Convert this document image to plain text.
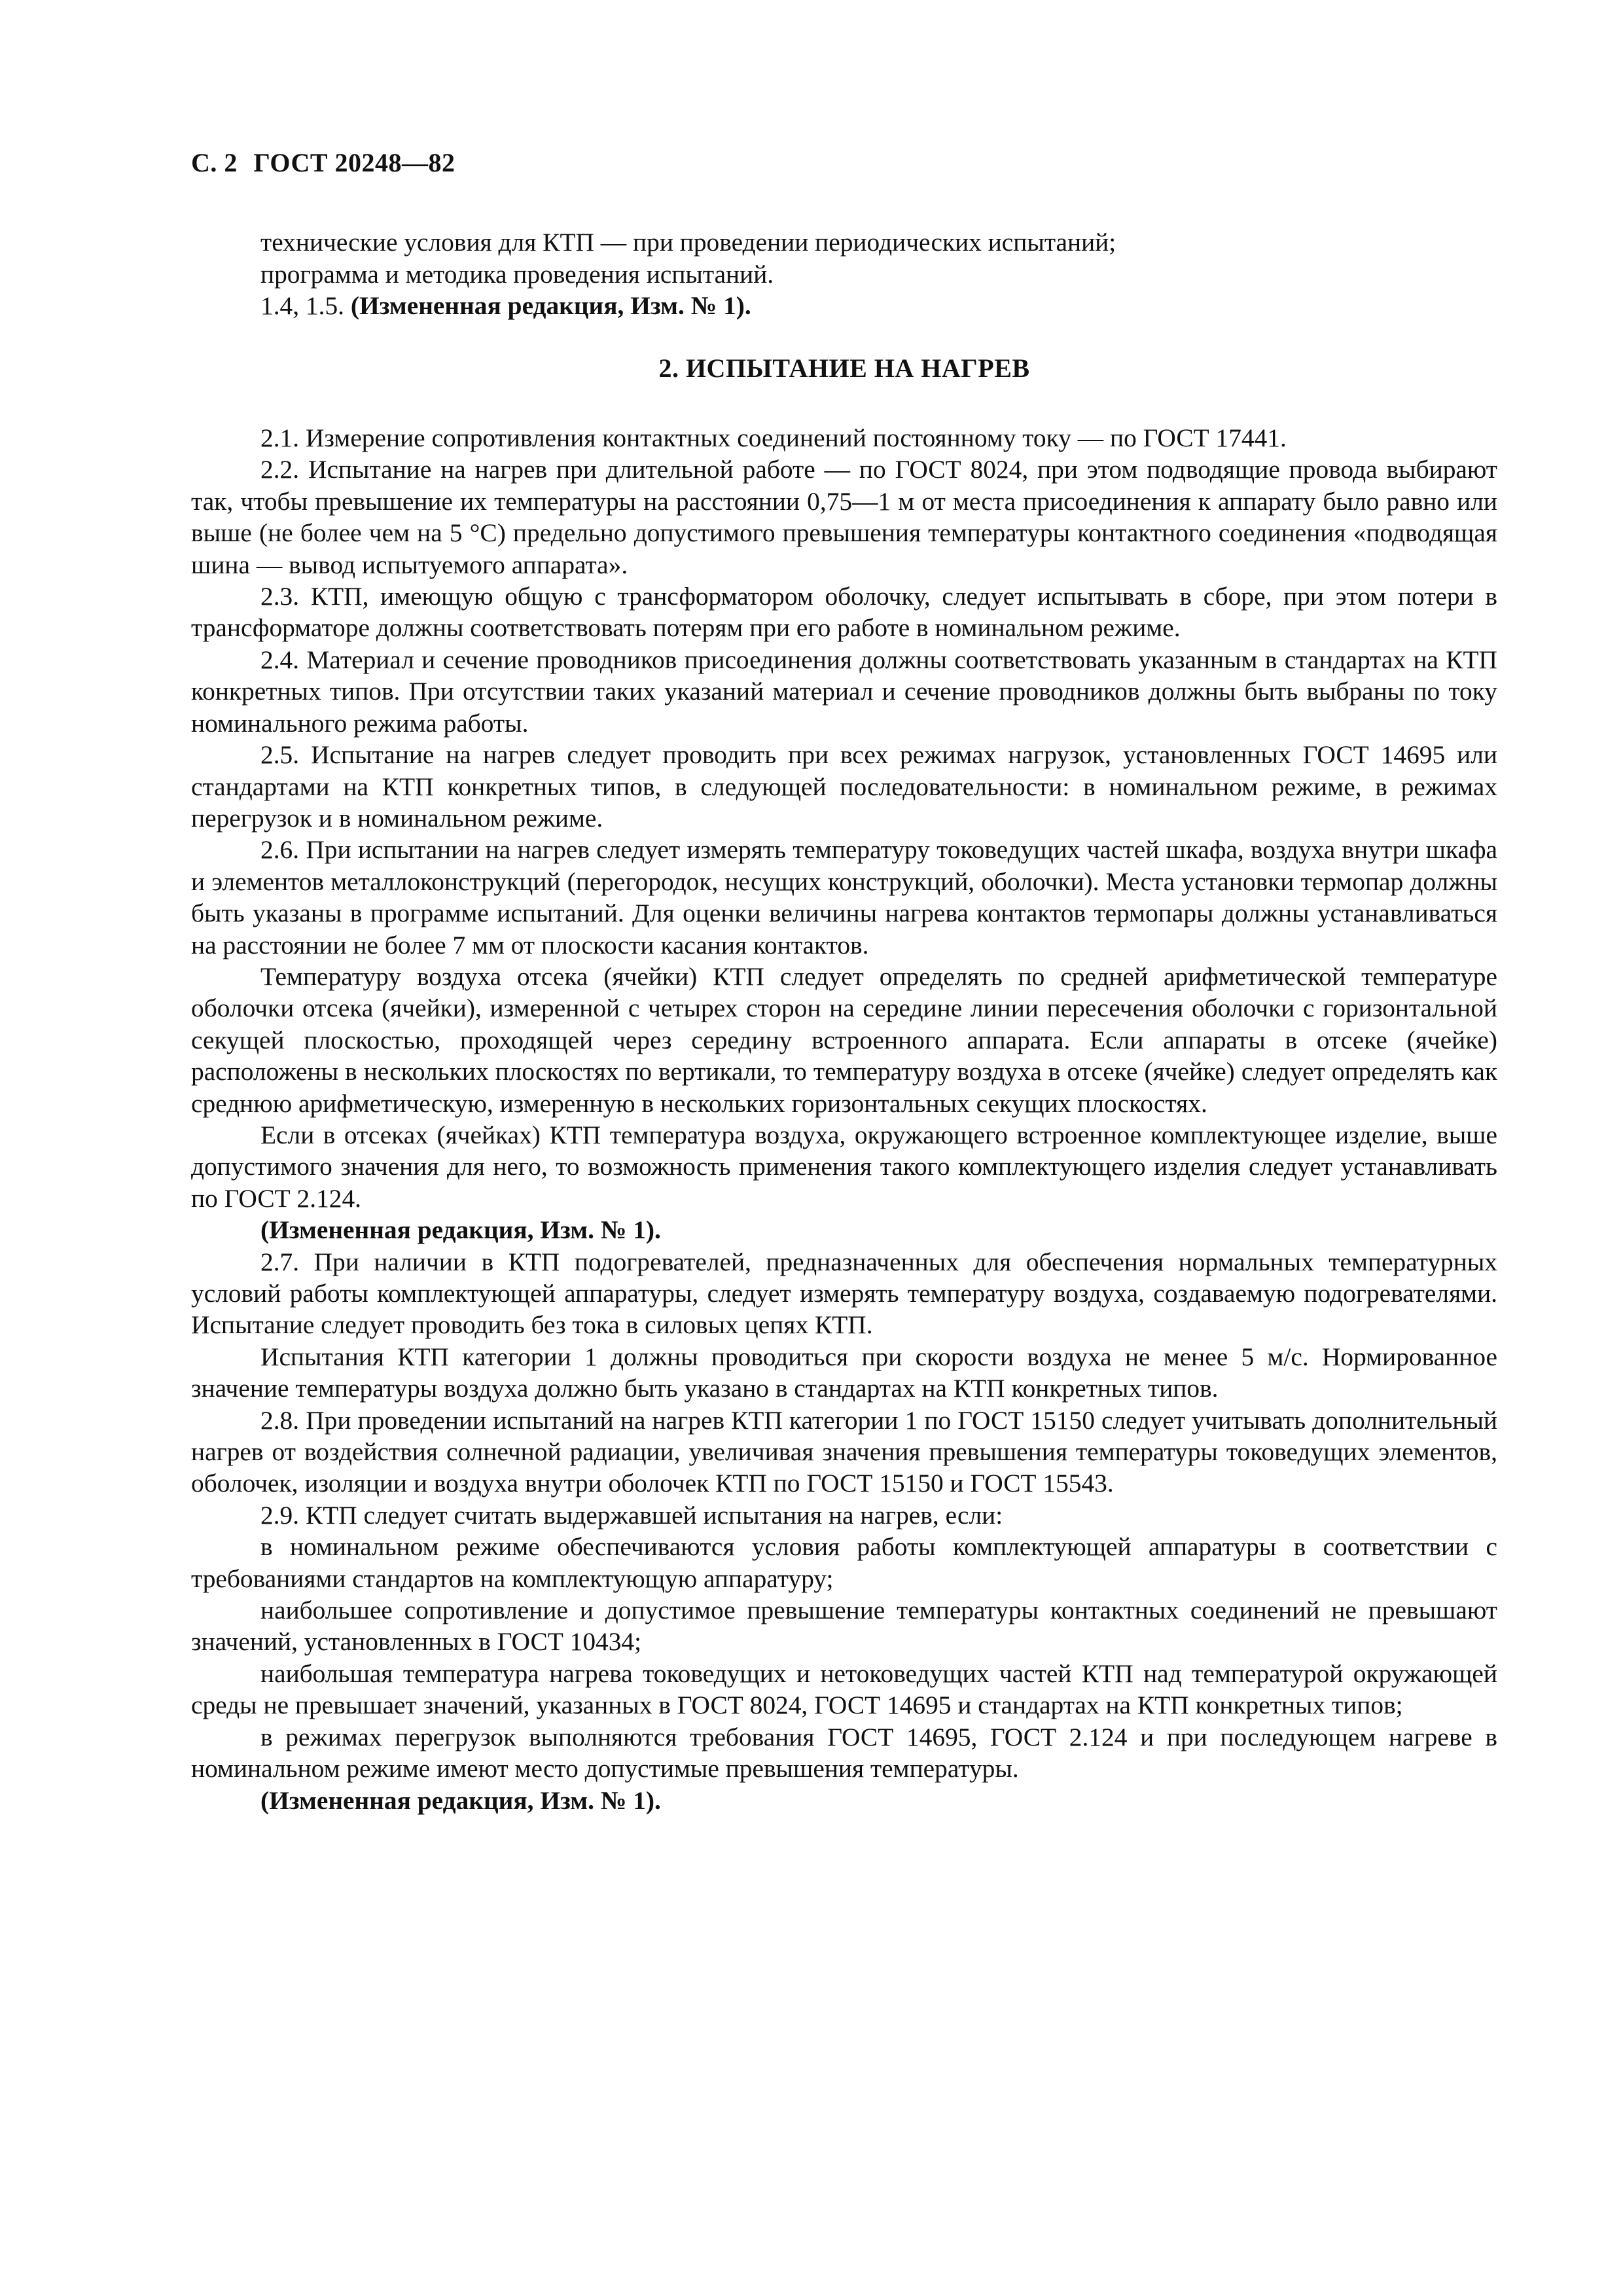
С. 2 ГОСТ 20248—82

технические условия для КТП — при проведении периодических испытаний;

программа и методика проведения испытаний.

1.4, 1.5. (Измененная редакция, Изм. № 1).

2. ИСПЫТАНИЕ НА НАГРЕВ

2.1. Измерение сопротивления контактных соединений постоянному току — по ГОСТ 17441.

2.2. Испытание на нагрев при длительной работе — по ГОСТ 8024, при этом подводящие провода выбирают так, чтобы превышение их температуры на расстоянии 0,75—1 м от места присоединения к аппарату было равно или выше (не более чем на 5 °С) предельно допустимого превышения температуры контактного соединения «подводящая шина — вывод испытуемого аппарата».

2.3. КТП, имеющую общую с трансформатором оболочку, следует испытывать в сборе, при этом потери в трансформаторе должны соответствовать потерям при его работе в номинальном режиме.

2.4. Материал и сечение проводников присоединения должны соответствовать указанным в стандартах на КТП конкретных типов. При отсутствии таких указаний материал и сечение проводников должны быть выбраны по току номинального режима работы.

2.5. Испытание на нагрев следует проводить при всех режимах нагрузок, установленных ГОСТ 14695 или стандартами на КТП конкретных типов, в следующей последовательности: в номинальном режиме, в режимах перегрузок и в номинальном режиме.

2.6. При испытании на нагрев следует измерять температуру токоведущих частей шкафа, воздуха внутри шкафа и элементов металлоконструкций (перегородок, несущих конструкций, оболочки). Места установки термопар должны быть указаны в программе испытаний. Для оценки величины нагрева контактов термопары должны устанавливаться на расстоянии не более 7 мм от плоскости касания контактов.

Температуру воздуха отсека (ячейки) КТП следует определять по средней арифметической температуре оболочки отсека (ячейки), измеренной с четырех сторон на середине линии пересечения оболочки с горизонтальной секущей плоскостью, проходящей через середину встроенного аппарата. Если аппараты в отсеке (ячейке) расположены в нескольких плоскостях по вертикали, то температуру воздуха в отсеке (ячейке) следует определять как среднюю арифметическую, измеренную в нескольких горизонтальных секущих плоскостях.

Если в отсеках (ячейках) КТП температура воздуха, окружающего встроенное комплектующее изделие, выше допустимого значения для него, то возможность применения такого комплектующего изделия следует устанавливать по ГОСТ 2.124.

(Измененная редакция, Изм. № 1).

2.7. При наличии в КТП подогревателей, предназначенных для обеспечения нормальных температурных условий работы комплектующей аппаратуры, следует измерять температуру воздуха, создаваемую подогревателями. Испытание следует проводить без тока в силовых цепях КТП.

Испытания КТП категории 1 должны проводиться при скорости воздуха не менее 5 м/с. Нормированное значение температуры воздуха должно быть указано в стандартах на КТП конкретных типов.

2.8. При проведении испытаний на нагрев КТП категории 1 по ГОСТ 15150 следует учитывать дополнительный нагрев от воздействия солнечной радиации, увеличивая значения превышения температуры токоведущих элементов, оболочек, изоляции и воздуха внутри оболочек КТП по ГОСТ 15150 и ГОСТ 15543.

2.9. КТП следует считать выдержавшей испытания на нагрев, если:

в номинальном режиме обеспечиваются условия работы комплектующей аппаратуры в соответствии с требованиями стандартов на комплектующую аппаратуру;

наибольшее сопротивление и допустимое превышение температуры контактных соединений не превышают значений, установленных в ГОСТ 10434;

наибольшая температура нагрева токоведущих и нетоковедущих частей КТП над температурой окружающей среды не превышает значений, указанных в ГОСТ 8024, ГОСТ 14695 и стандартах на КТП конкретных типов;

в режимах перегрузок выполняются требования ГОСТ 14695, ГОСТ 2.124 и при последующем нагреве в номинальном режиме имеют место допустимые превышения температуры.

(Измененная редакция, Изм. № 1).
